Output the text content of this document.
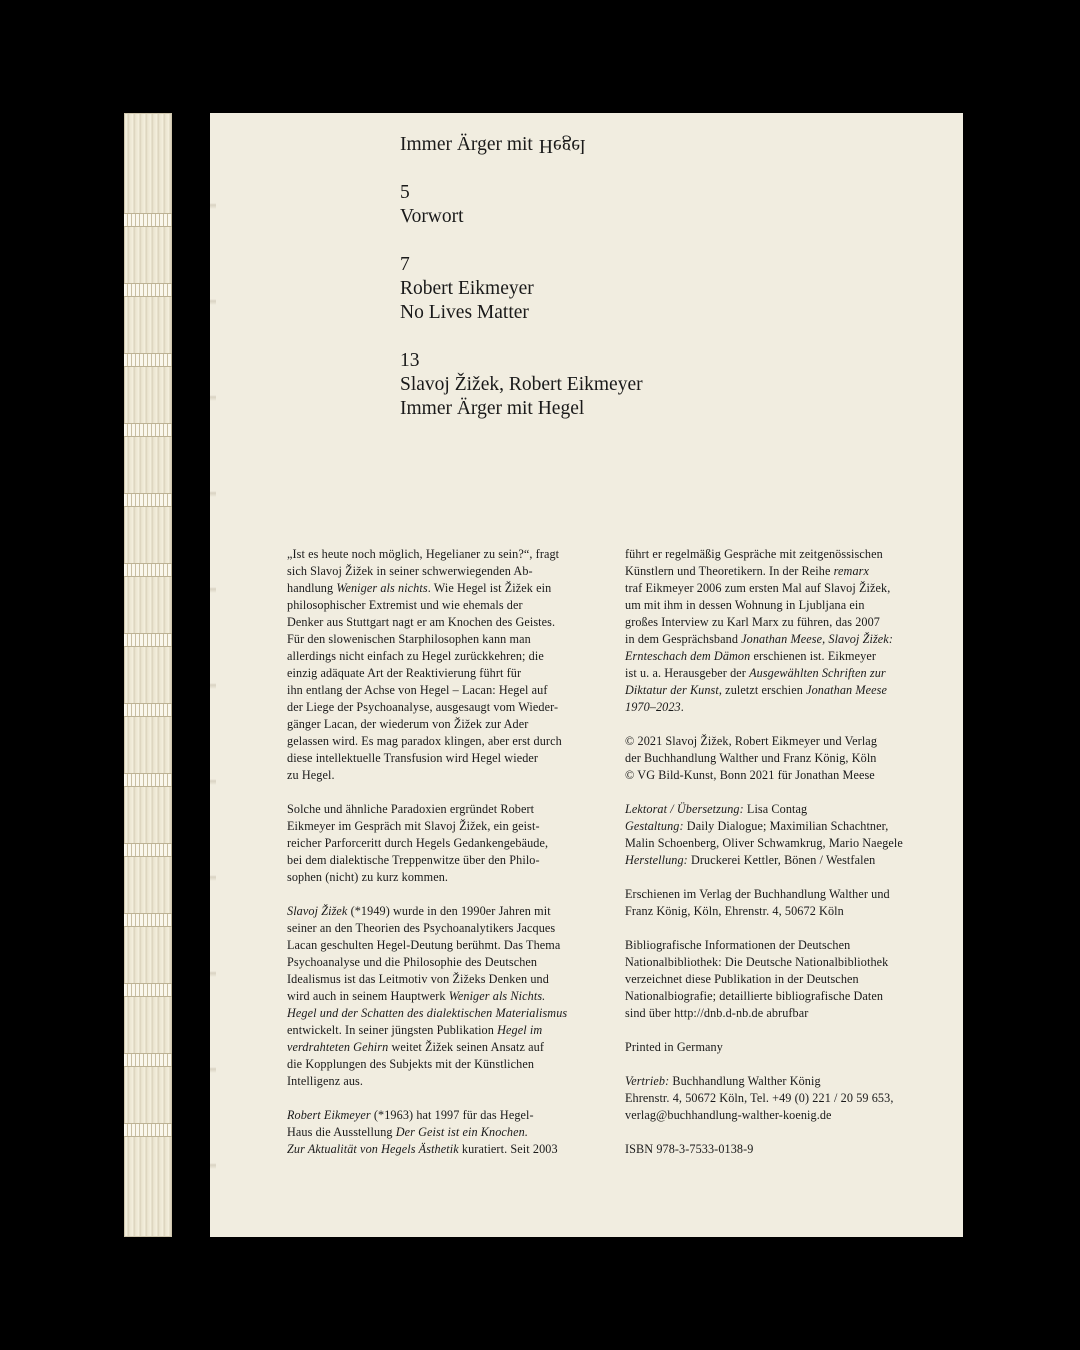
Immer Ärger mit Hegel
5
Vorwort
7
Robert Eikmeyer
No Lives Matter
13
Slavoj Žižek, Robert Eikmeyer
Immer Ärger mit Hegel

„Ist es heute noch möglich, Hegelianer zu sein?“, fragt
sich Slavoj Žižek in seiner schwerwiegenden Ab-
handlung Weniger als nichts. Wie Hegel ist Žižek ein
philosophischer Extremist und wie ehemals der
Denker aus Stuttgart nagt er am Knochen des Geistes.
Für den slowenischen Starphilosophen kann man
allerdings nicht einfach zu Hegel zurückkehren; die
einzig adäquate Art der Reaktivierung führt für
ihn entlang der Achse von Hegel – Lacan: Hegel auf
der Liege der Psychoanalyse, ausgesaugt vom Wieder-
gänger Lacan, der wiederum von Žižek zur Ader
gelassen wird. Es mag paradox klingen, aber erst durch
diese intellektuelle Transfusion wird Hegel wieder
zu Hegel.

Solche und ähnliche Paradoxien ergründet Robert
Eikmeyer im Gespräch mit Slavoj Žižek, ein geist-
reicher Parforceritt durch Hegels Gedankengebäude,
bei dem dialektische Treppenwitze über den Philo-
sophen (nicht) zu kurz kommen.

Slavoj Žižek (*1949) wurde in den 1990er Jahren mit
seiner an den Theorien des Psychoanalytikers Jacques
Lacan geschulten Hegel-Deutung berühmt. Das Thema
Psychoanalyse und die Philosophie des Deutschen
Idealismus ist das Leitmotiv von Žižeks Denken und
wird auch in seinem Hauptwerk Weniger als Nichts.
Hegel und der Schatten des dialektischen Materialismus
entwickelt. In seiner jüngsten Publikation Hegel im
verdrahteten Gehirn weitet Žižek seinen Ansatz auf
die Kopplungen des Subjekts mit der Künstlichen
Intelligenz aus.

Robert Eikmeyer (*1963) hat 1997 für das Hegel-
Haus die Ausstellung Der Geist ist ein Knochen.
Zur Aktualität von Hegels Ästhetik kuratiert. Seit 2003

führt er regelmäßig Gespräche mit zeitgenössischen
Künstlern und Theoretikern. In der Reihe remarx
traf Eikmeyer 2006 zum ersten Mal auf Slavoj Žižek,
um mit ihm in dessen Wohnung in Ljubljana ein
großes Interview zu Karl Marx zu führen, das 2007
in dem Gesprächsband Jonathan Meese, Slavoj Žižek:
Ernteschach dem Dämon erschienen ist. Eikmeyer
ist u. a. Herausgeber der Ausgewählten Schriften zur
Diktatur der Kunst, zuletzt erschien Jonathan Meese
1970–2023.

© 2021 Slavoj Žižek, Robert Eikmeyer und Verlag
der Buchhandlung Walther und Franz König, Köln
© VG Bild-Kunst, Bonn 2021 für Jonathan Meese

Lektorat / Übersetzung: Lisa Contag
Gestaltung: Daily Dialogue; Maximilian Schachtner,
Malin Schoenberg, Oliver Schwamkrug, Mario Naegele
Herstellung: Druckerei Kettler, Bönen / Westfalen

Erschienen im Verlag der Buchhandlung Walther und
Franz König, Köln, Ehrenstr. 4, 50672 Köln

Bibliografische Informationen der Deutschen
Nationalbibliothek: Die Deutsche Nationalbibliothek
verzeichnet diese Publikation in der Deutschen
Nationalbiografie; detaillierte bibliografische Daten
sind über http://dnb.d-nb.de abrufbar

Printed in Germany

Vertrieb: Buchhandlung Walther König
Ehrenstr. 4, 50672 Köln, Tel. +49 (0) 221 / 20 59 653,
verlag@buchhandlung-walther-koenig.de

ISBN 978-3-7533-0138-9
